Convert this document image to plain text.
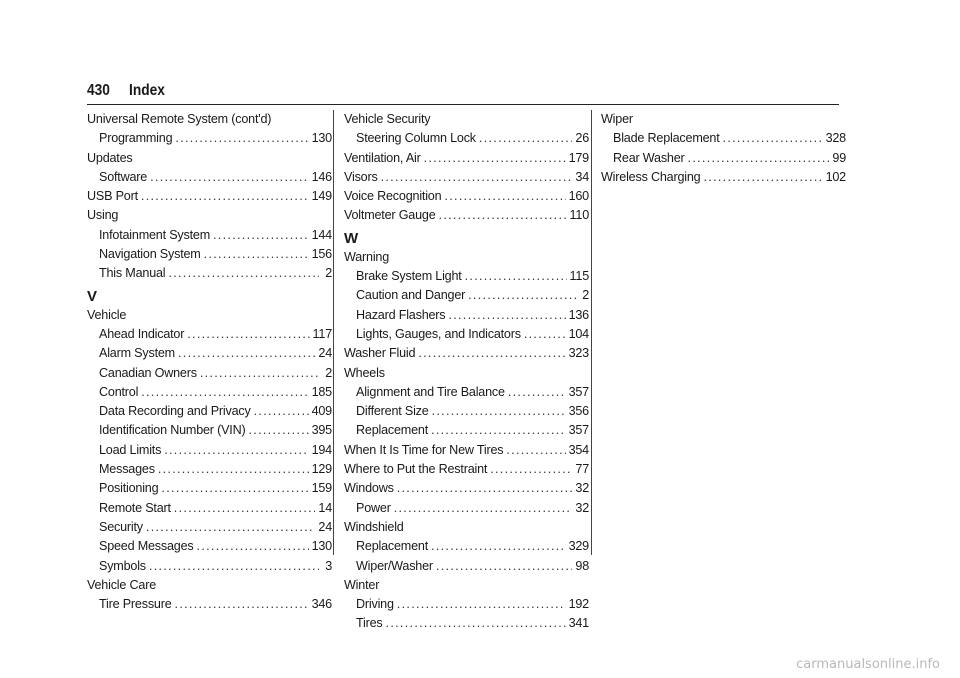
430 Index
Universal Remote System (cont'd)
Programming . . .	130
Updates
Software . . .	146
USB Port . . .	149
Using
Infotainment System . . .	144
Navigation System . . .	156
This Manual . . .	2
V
Vehicle
Ahead Indicator . . .	117
Alarm System . . .	24
Canadian Owners . . .	2
Control . . .	185
Data Recording and Privacy . . .	409
Identification Number (VIN) . . .	395
Load Limits . . .	194
Messages . . .	129
Positioning . . .	159
Remote Start . . .	14
Security . . .	24
Speed Messages . . .	130
Symbols . . .	3
Vehicle Care
Tire Pressure . . .	346
Vehicle Security
Steering Column Lock . . .	26
Ventilation, Air . . .	179
Visors . . .	34
Voice Recognition . . .	160
Voltmeter Gauge . . .	110
W
Warning
Brake System Light . . .	115
Caution and Danger . . .	2
Hazard Flashers . . .	136
Lights, Gauges, and Indicators . . .	104
Washer Fluid . . .	323
Wheels
Alignment and Tire Balance . . .	357
Different Size . . .	356
Replacement . . .	357
When It Is Time for New Tires . . .	354
Where to Put the Restraint . . .	77
Windows . . .	32
Power . . .	32
Windshield
Replacement . . .	329
Wiper/Washer . . .	98
Winter
Driving . . .	192
Tires . . .	341
Wiper
Blade Replacement . . .	328
Rear Washer . . .	99
Wireless Charging . . .	102
carmanualsonline.info
